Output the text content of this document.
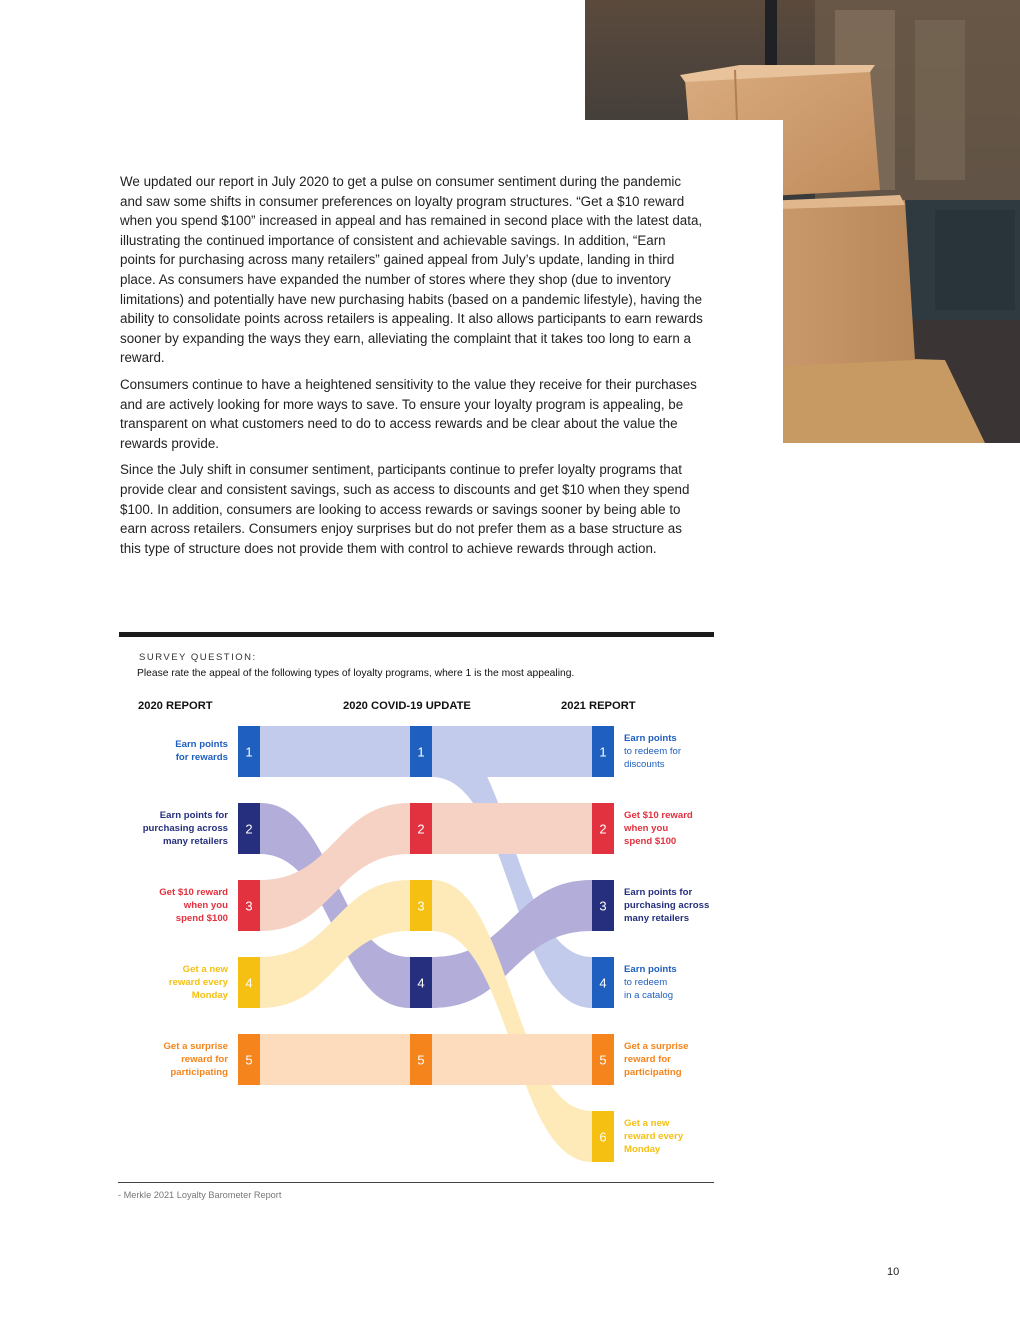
We updated our report in July 2020 to get a pulse on consumer sentiment during the pandemic and saw some shifts in consumer preferences on loyalty program structures. “Get a $10 reward when you spend $100” increased in appeal and has remained in second place with the latest data, illustrating the continued importance of consistent and achievable savings. In addition, “Earn points for purchasing across many retailers” gained appeal from July’s update, landing in third place. As consumers have expanded the number of stores where they shop (due to inventory limitations) and potentially have new purchasing habits (based on a pandemic lifestyle), having the ability to consolidate points across retailers is appealing. It also allows participants to earn rewards sooner by expanding the ways they earn, alleviating the complaint that it takes too long to earn a reward.

Consumers continue to have a heightened sensitivity to the value they receive for their purchases and are actively looking for more ways to save. To ensure your loyalty program is appealing, be transparent on what customers need to do to access rewards and be clear about the value the rewards provide.

Since the July shift in consumer sentiment, participants continue to prefer loyalty programs that provide clear and consistent savings, such as access to discounts and get $10 when they spend $100. In addition, consumers are looking to access rewards or savings sooner by being able to earn across retailers. Consumers enjoy surprises but do not prefer them as a base structure as this type of structure does not provide them with control to achieve rewards through action.

SURVEY QUESTION:
Please rate the appeal of the following types of loyalty programs, where 1 is the most appealing.
2020 REPORT	2020 COVID-19 UPDATE	2021 REPORT
1
2
3
4
5
1
2
3
4
5
1
2
3
4
5
6
Earn points
for rewards
Earn points for
purchasing across
many retailers
Get $10 reward
when you
spend $100
Get a new
reward every
Monday
Get a surprise
reward for
participating
Earn points
to redeem for
discounts
Get $10 reward
when you
spend $100
Earn points for
purchasing across
many retailers
Earn points
to redeem
in a catalog
Get a surprise
reward for
participating
Get a new
reward every
Monday
- Merkle 2021 Loyalty Barometer Report
10
